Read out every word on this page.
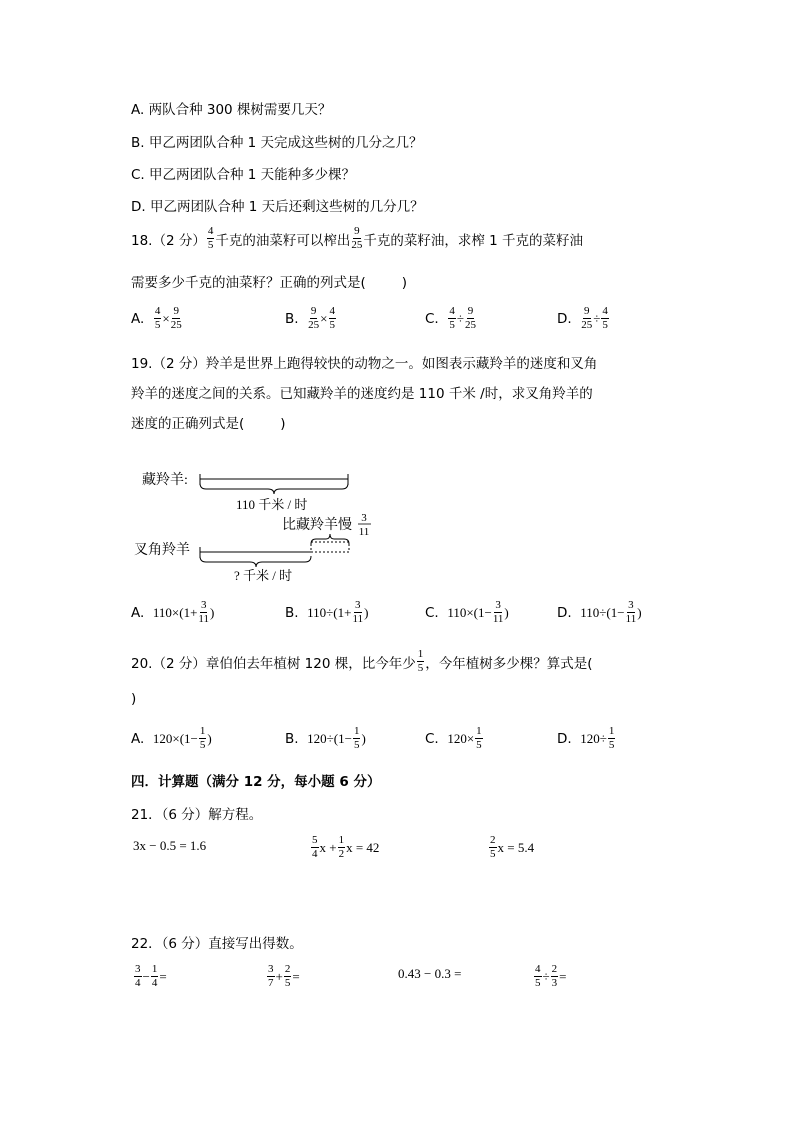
A. 两队合种 300 棵树需要几天？
B. 甲乙两团队合种 1 天完成这些树的几分之几？
C. 甲乙两团队合种 1 天能种多少棵？
D. 甲乙两团队合种 1 天后还剩这些树的几分几？
18.（2 分） $\frac{4}{5}$ 千克的油菜籽可以榨出 $\frac{9}{25}$ 千克的菜籽油，求榨 1 千克的菜籽油
需要多少千克的油菜籽？正确的列式是(	)
A.
$\frac{4}{5} \times \frac{9}{25}$	B.
$\frac{9}{25} \times \frac{4}{5}$	C.
$\frac{4}{5} \div \frac{9}{25}$	D.
$\frac{9}{25} \div \frac{4}{5}$
19.（2 分）羚羊是世界上跑得较快的动物之一。如图表示藏羚羊的迷度和叉角
羚羊的迷度之间的关系。已知藏羚羊的迷度约是 110 千米 /时，求叉角羚羊的
迷度的正确列式是(	)
藏羚羊:
110 千米 / 时
比藏羚羊慢 3
11
叉角羚羊
? 千米 / 时
A.
$110\times(1+ \frac{3}{11}$ )	B.
$110\div(1+ \frac{3}{11}$ )	C.
$110\times(1- \frac{3}{11}$ )	D.
$110\div(1- \frac{3}{11}$ )
20.（2 分）章伯伯去年植树 120 棵，比今年少 $\frac{1}{5}$ ，今年植树多少棵？算式是(
)
A.
$120\times(1- \frac{1}{5}$ )	B.
$120\div(1- \frac{1}{5}$ )	C.
$120\times \frac{1}{5}$	D.
$120\div \frac{1}{5}$
四．计算题（满分 12 分，每小题 6 分）
21．（6 分）解方程。
3x − 0.5 = 1.6	$\frac{5}{4}$ $x + \frac{1}{2}$ x = 42	$\frac{2}{5}$ x = 5.4
22．（6 分）直接写出得数。
$\frac{3}{4} - \frac{1}{4}$ =	$\frac{3}{7} + \frac{2}{5}$ =	0.43 − 0.3 =	$\frac{4}{5} \div \frac{2}{3}$ =
